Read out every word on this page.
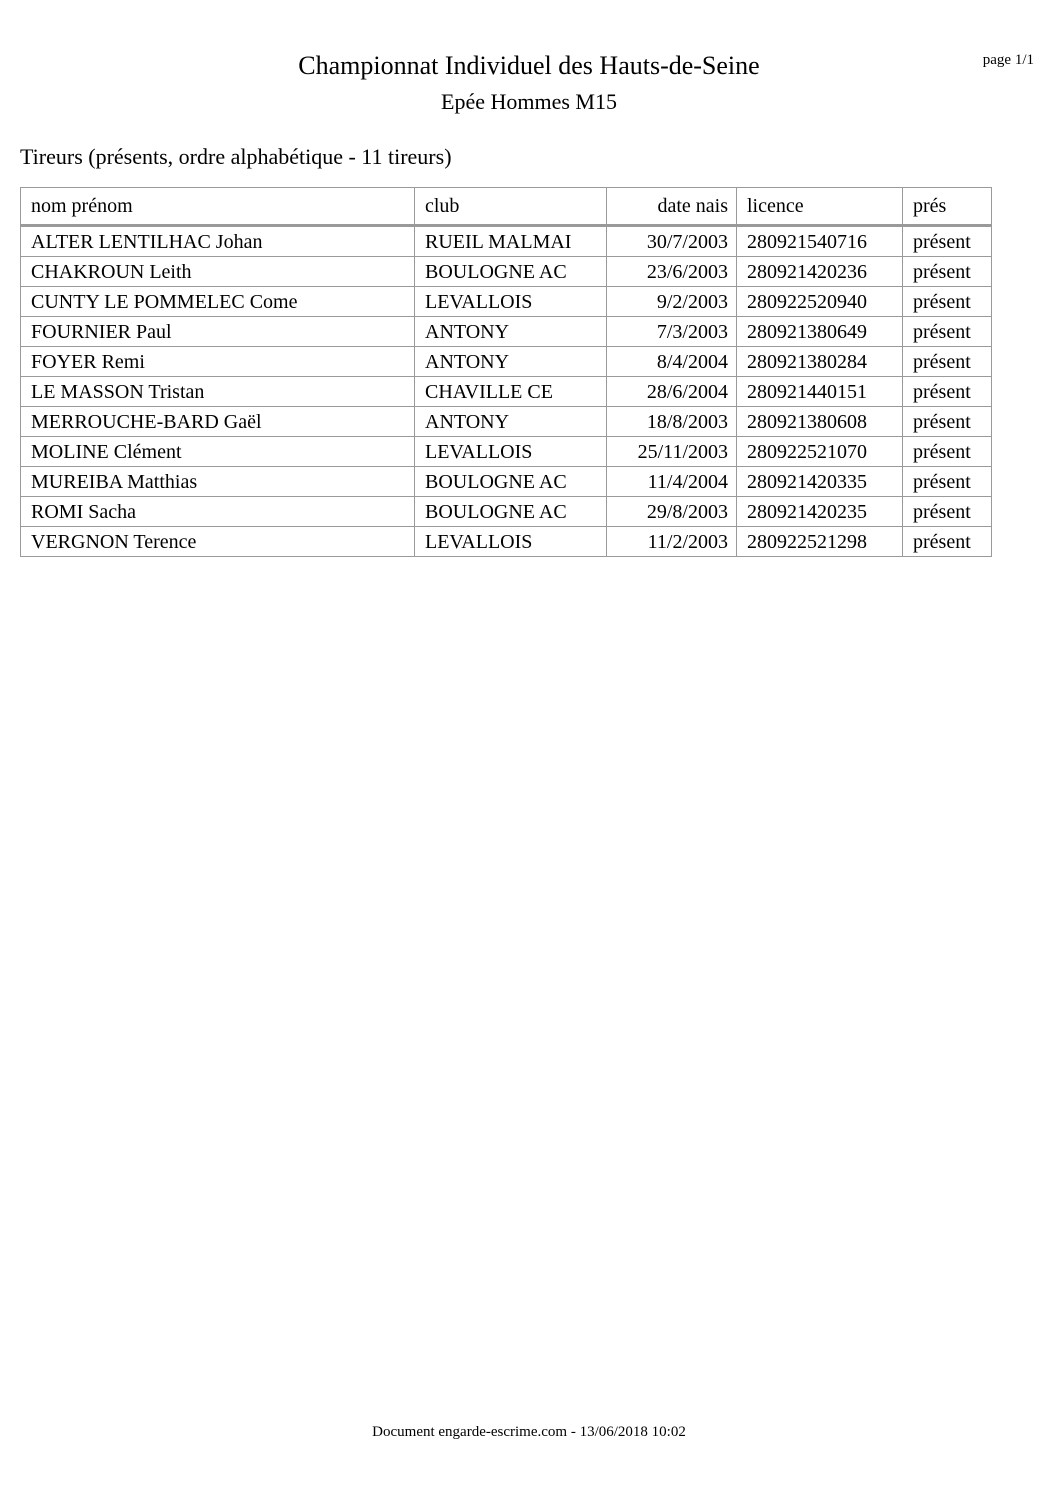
Championnat Individuel des Hauts-de-Seine
Epée Hommes M15
page 1/1
Tireurs (présents, ordre alphabétique - 11 tireurs)
nom prénom	club	date nais	licence	prés
ALTER LENTILHAC Johan	RUEIL MALMAI	30/7/2003	280921540716	présent
CHAKROUN Leith	BOULOGNE AC	23/6/2003	280921420236	présent
CUNTY LE POMMELEC Come	LEVALLOIS	9/2/2003	280922520940	présent
FOURNIER Paul	ANTONY	7/3/2003	280921380649	présent
FOYER Remi	ANTONY	8/4/2004	280921380284	présent
LE MASSON Tristan	CHAVILLE CE	28/6/2004	280921440151	présent
MERROUCHE-BARD Gaël	ANTONY	18/8/2003	280921380608	présent
MOLINE Clément	LEVALLOIS	25/11/2003	280922521070	présent
MUREIBA Matthias	BOULOGNE AC	11/4/2004	280921420335	présent
ROMI Sacha	BOULOGNE AC	29/8/2003	280921420235	présent
VERGNON Terence	LEVALLOIS	11/2/2003	280922521298	présent
Document engarde-escrime.com - 13/06/2018 10:02
